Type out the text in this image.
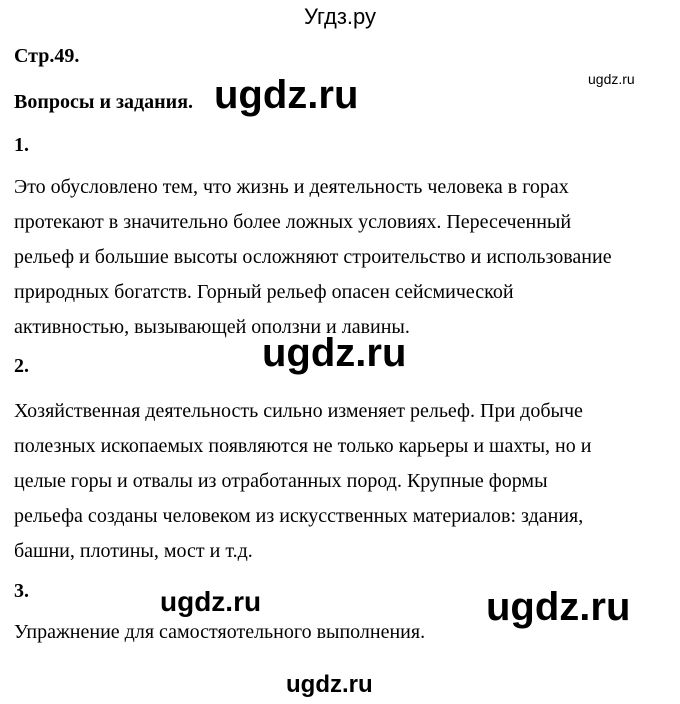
Угдз.ру
Стр.49.
Вопросы и задания. ugdz.ru	ugdz.ru
1.
Это обусловлено тем, что жизнь и деятельность человека в горах
протекают в значительно более ложных условиях. Пересеченный
рельеф и большие высоты осложняют строительство и использование
природных богатств. Горный рельеф опасен сейсмической
активностью, вызывающей оползни и лавины.
ugdz.ru
2.
Хозяйственная деятельность сильно изменяет рельеф. При добыче
полезных ископаемых появляются не только карьеры и шахты, но и
целые горы и отвалы из отработанных пород. Крупные формы
рельефа созданы человеком из искусственных материалов: здания,
башни, плотины, мост и т.д.
3.	ugdz.ru	ugdz.ru
Упражнение для самостяотельного выполнения.
ugdz.ru
